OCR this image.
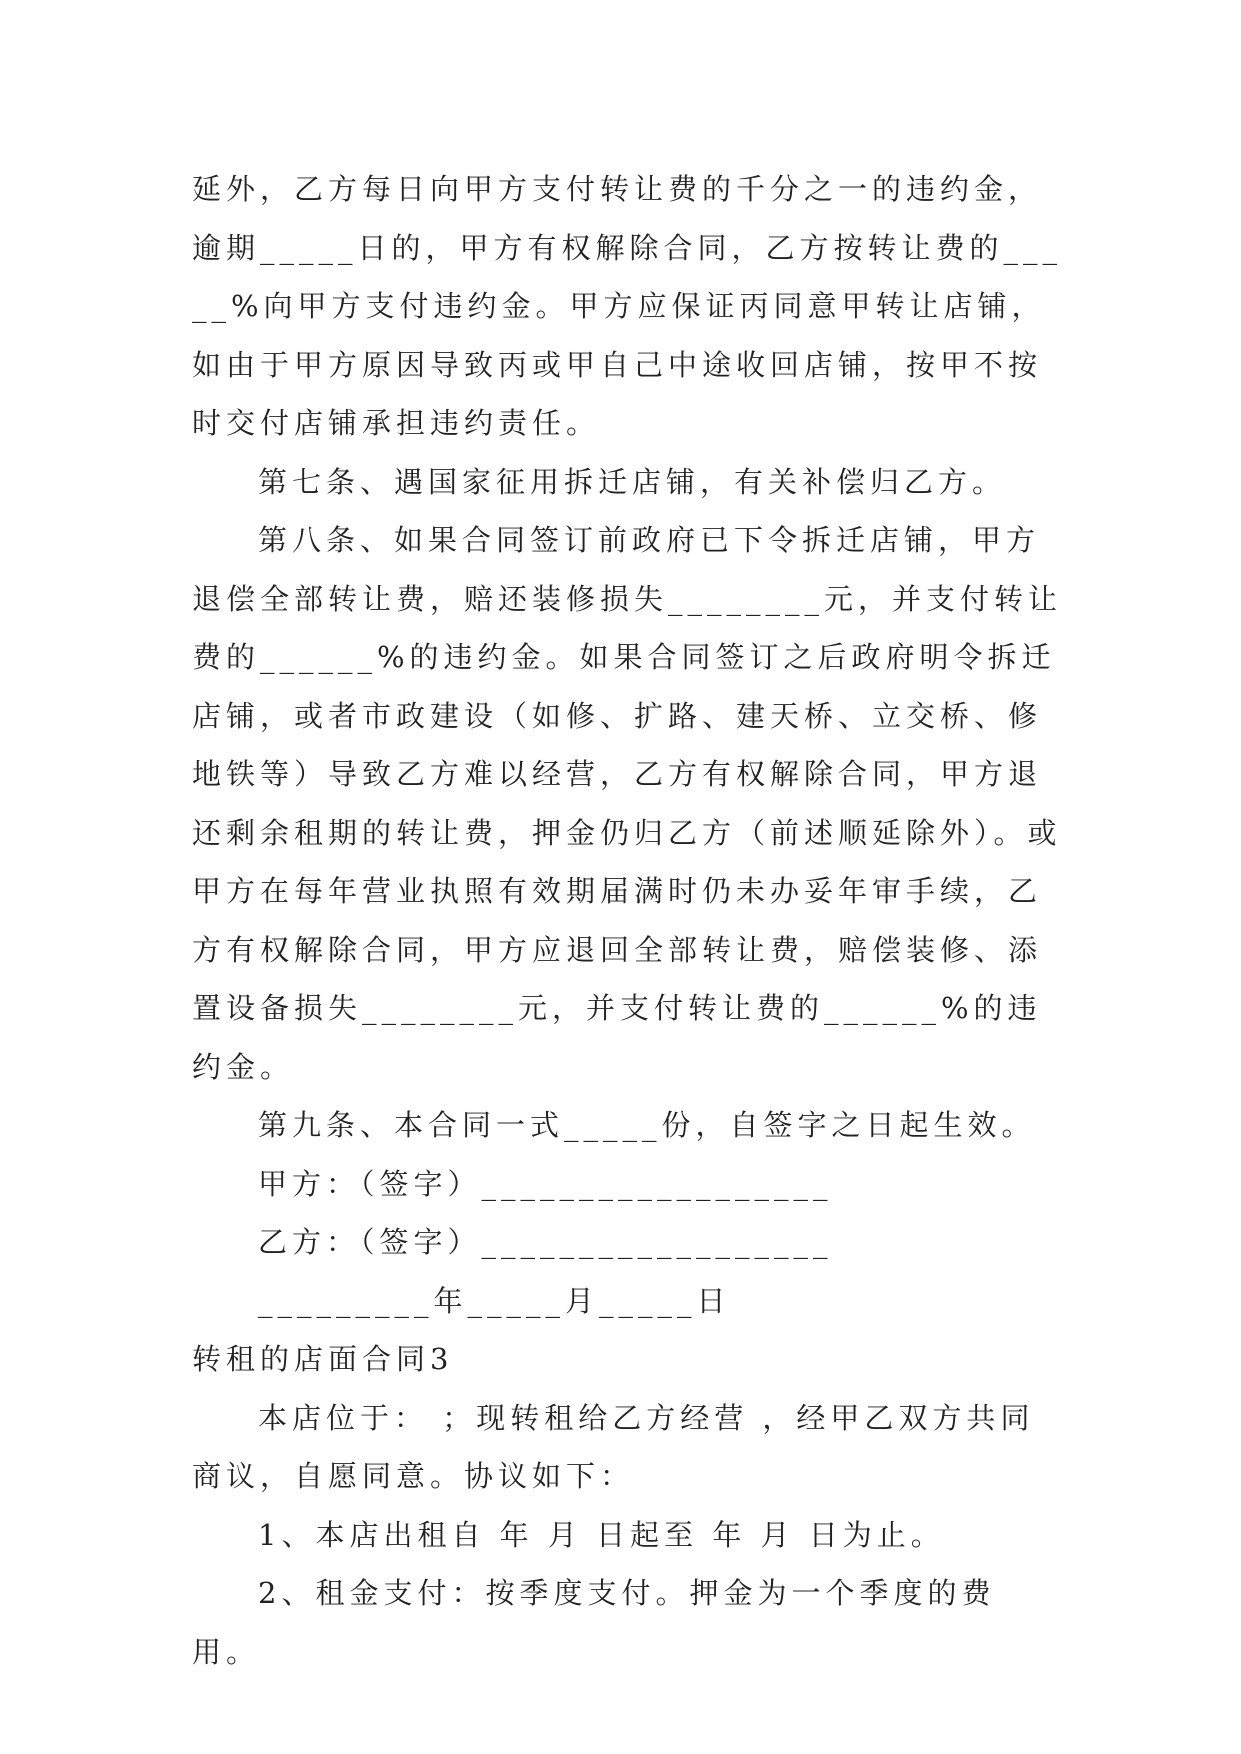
延外，乙方每日向甲方支付转让费的千分之一的违约金，逾期_____日的，甲方有权解除合同，乙方按转让费的_____%向甲方支付违约金。甲方应保证丙同意甲转让店铺，如由于甲方原因导致丙或甲自己中途收回店铺，按甲不按时交付店铺承担违约责任。

第七条、遇国家征用拆迁店铺，有关补偿归乙方。

第八条、如果合同签订前政府已下令拆迁店铺，甲方退偿全部转让费，赔还装修损失________元，并支付转让费的______%的违约金。如果合同签订之后政府明令拆迁店铺，或者市政建设（如修、扩路、建天桥、立交桥、修地铁等）导致乙方难以经营，乙方有权解除合同，甲方退还剩余租期的转让费，押金仍归乙方（前述顺延除外）。或甲方在每年营业执照有效期届满时仍未办妥年审手续，乙方有权解除合同，甲方应退回全部转让费，赔偿装修、添置设备损失________元，并支付转让费的______%的违约金。

第九条、本合同一式_____份，自签字之日起生效。

甲方：（签字）__________________

乙方：（签字）__________________

_________年_____月_____日

转租的店面合同3

本店位于： ；现转租给乙方经营 ，经甲乙双方共同商议，自愿同意。协议如下：

1、本店出租自 年 月 日起至 年 月 日为止。

2、租金支付：按季度支付。押金为一个季度的费用。
